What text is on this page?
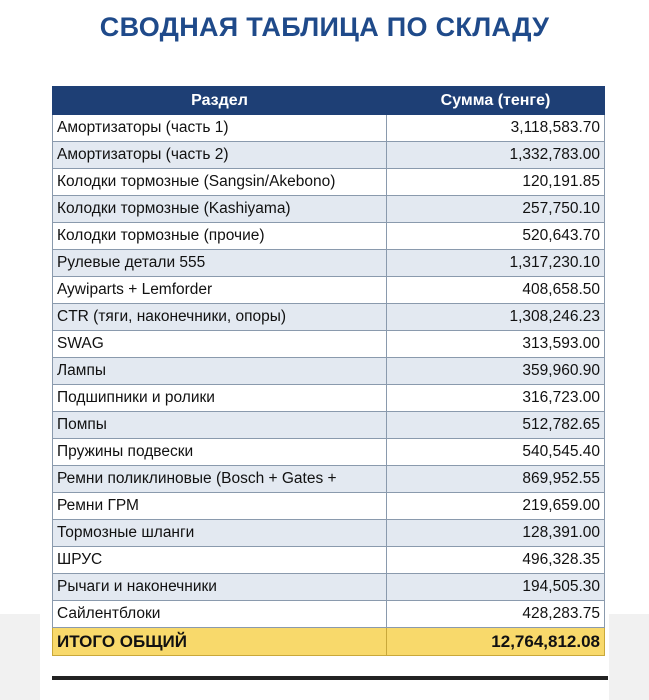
СВОДНАЯ ТАБЛИЦА ПО СКЛАДУ
Раздел	Сумма (тенге)
Амортизаторы (часть 1)	3,118,583.70
Амортизаторы (часть 2)	1,332,783.00
Колодки тормозные (Sangsin/Akebono)	120,191.85
Колодки тормозные (Kashiyama)	257,750.10
Колодки тормозные (прочие)	520,643.70
Рулевые детали 555	1,317,230.10
Aywiparts + Lemforder	408,658.50
CTR (тяги, наконечники, опоры)	1,308,246.23
SWAG	313,593.00
Лампы	359,960.90
Подшипники и ролики	316,723.00
Помпы	512,782.65
Пружины подвески	540,545.40
Ремни поликлиновые (Bosch + Gates +	869,952.55
Ремни ГРМ	219,659.00
Тормозные шланги	128,391.00
ШРУС	496,328.35
Рычаги и наконечники	194,505.30
Сайлентблоки	428,283.75
ИТОГО ОБЩИЙ	12,764,812.08
